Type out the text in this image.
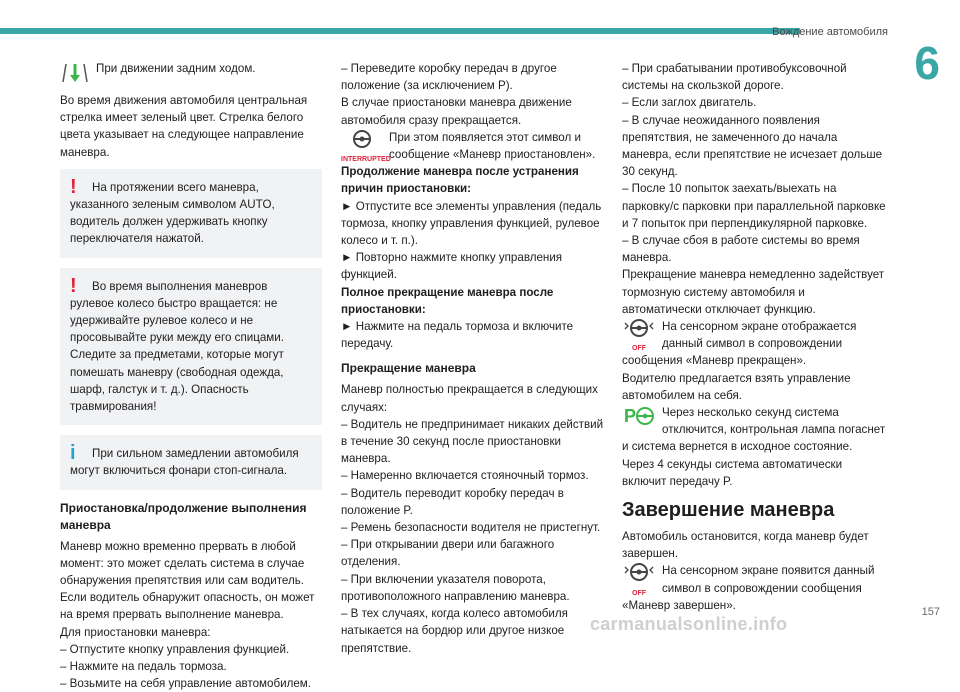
Вождение автомобиля
6
157
carmanualsonline.info
При движении задним ходом.

Во время движения автомобиля центральная стрелка имеет зеленый цвет. Стрелка белого цвета указывает на следующее направление маневра.

!	На протяжении всего маневра, указанного зеленым символом AUTO, водитель должен удерживать кнопку переключателя нажатой.
!	Во время выполнения маневров рулевое колесо быстро вращается: не удерживайте рулевое колесо и не просовывайте руки между его спицами. Следите за предметами, которые могут помешать маневру (свободная одежда, шарф, галстук и т. д.). Опасность травмирования!
i	При сильном замедлении автомобиля могут включиться фонари стоп-сигнала.
Приостановка/продолжение выполнения маневра

Маневр можно временно прервать в любой момент: это может сделать система в случае обнаружения препятствия или сам водитель. Если водитель обнаружит опасность, он может на время прервать выполнение маневра.

Для приостановки маневра:

– Отпустите кнопку управления функцией.

– Нажмите на педаль тормоза.

– Возьмите на себя управление автомобилем.

– Переведите коробку передач в другое положение (за исключением P).

В случае приостановки маневра движение автомобиля сразу прекращается.

INTERRUPTED
При этом появляется этот символ и сообщение «Маневр приостановлен».
Продолжение маневра после устранения причин приостановки:

► Отпустите все элементы управления (педаль тормоза, кнопку управления функцией, рулевое колесо и т. п.).

► Повторно нажмите кнопку управления функцией.

Полное прекращение маневра после приостановки:

► Нажмите на педаль тормоза и включите передачу.

Прекращение маневра

Маневр полностью прекращается в следующих случаях:

– Водитель не предпринимает никаких действий в течение 30 секунд после приостановки маневра.

– Намеренно включается стояночный тормоз.

– Водитель переводит коробку передач в положение P.

– Ремень безопасности водителя не пристегнут.

– При открывании двери или багажного отделения.

– При включении указателя поворота, противоположного направлению маневра.

– В тех случаях, когда колесо автомобиля натыкается на бордюр или другое низкое препятствие.

– При срабатывании противобуксовочной системы на скользкой дороге.

– Если заглох двигатель.

– В случае неожиданного появления препятствия, не замеченного до начала маневра, если препятствие не исчезает дольше 30 секунд.

– После 10 попыток заехать/выехать на парковку/с парковки при параллельной парковке и 7 попыток при перпендикулярной парковке.

– В случае сбоя в работе системы во время маневра.

Прекращение маневра немедленно задействует тормозную систему автомобиля и автоматически отключает функцию.

OFF
На сенсорном экране отображается данный символ в сопровождении сообщения «Маневр прекращен».

Водителю предлагается взять управление автомобилем на себя.

P Через несколько секунд система отключится, контрольная лампа погаснет и система вернется в исходное состояние.

Через 4 секунды система автоматически включит передачу P.

Завершение маневра

Автомобиль остановится, когда маневр будет завершен.

OFF
На сенсорном экране появится данный символ в сопровождении сообщения «Маневр завершен».
